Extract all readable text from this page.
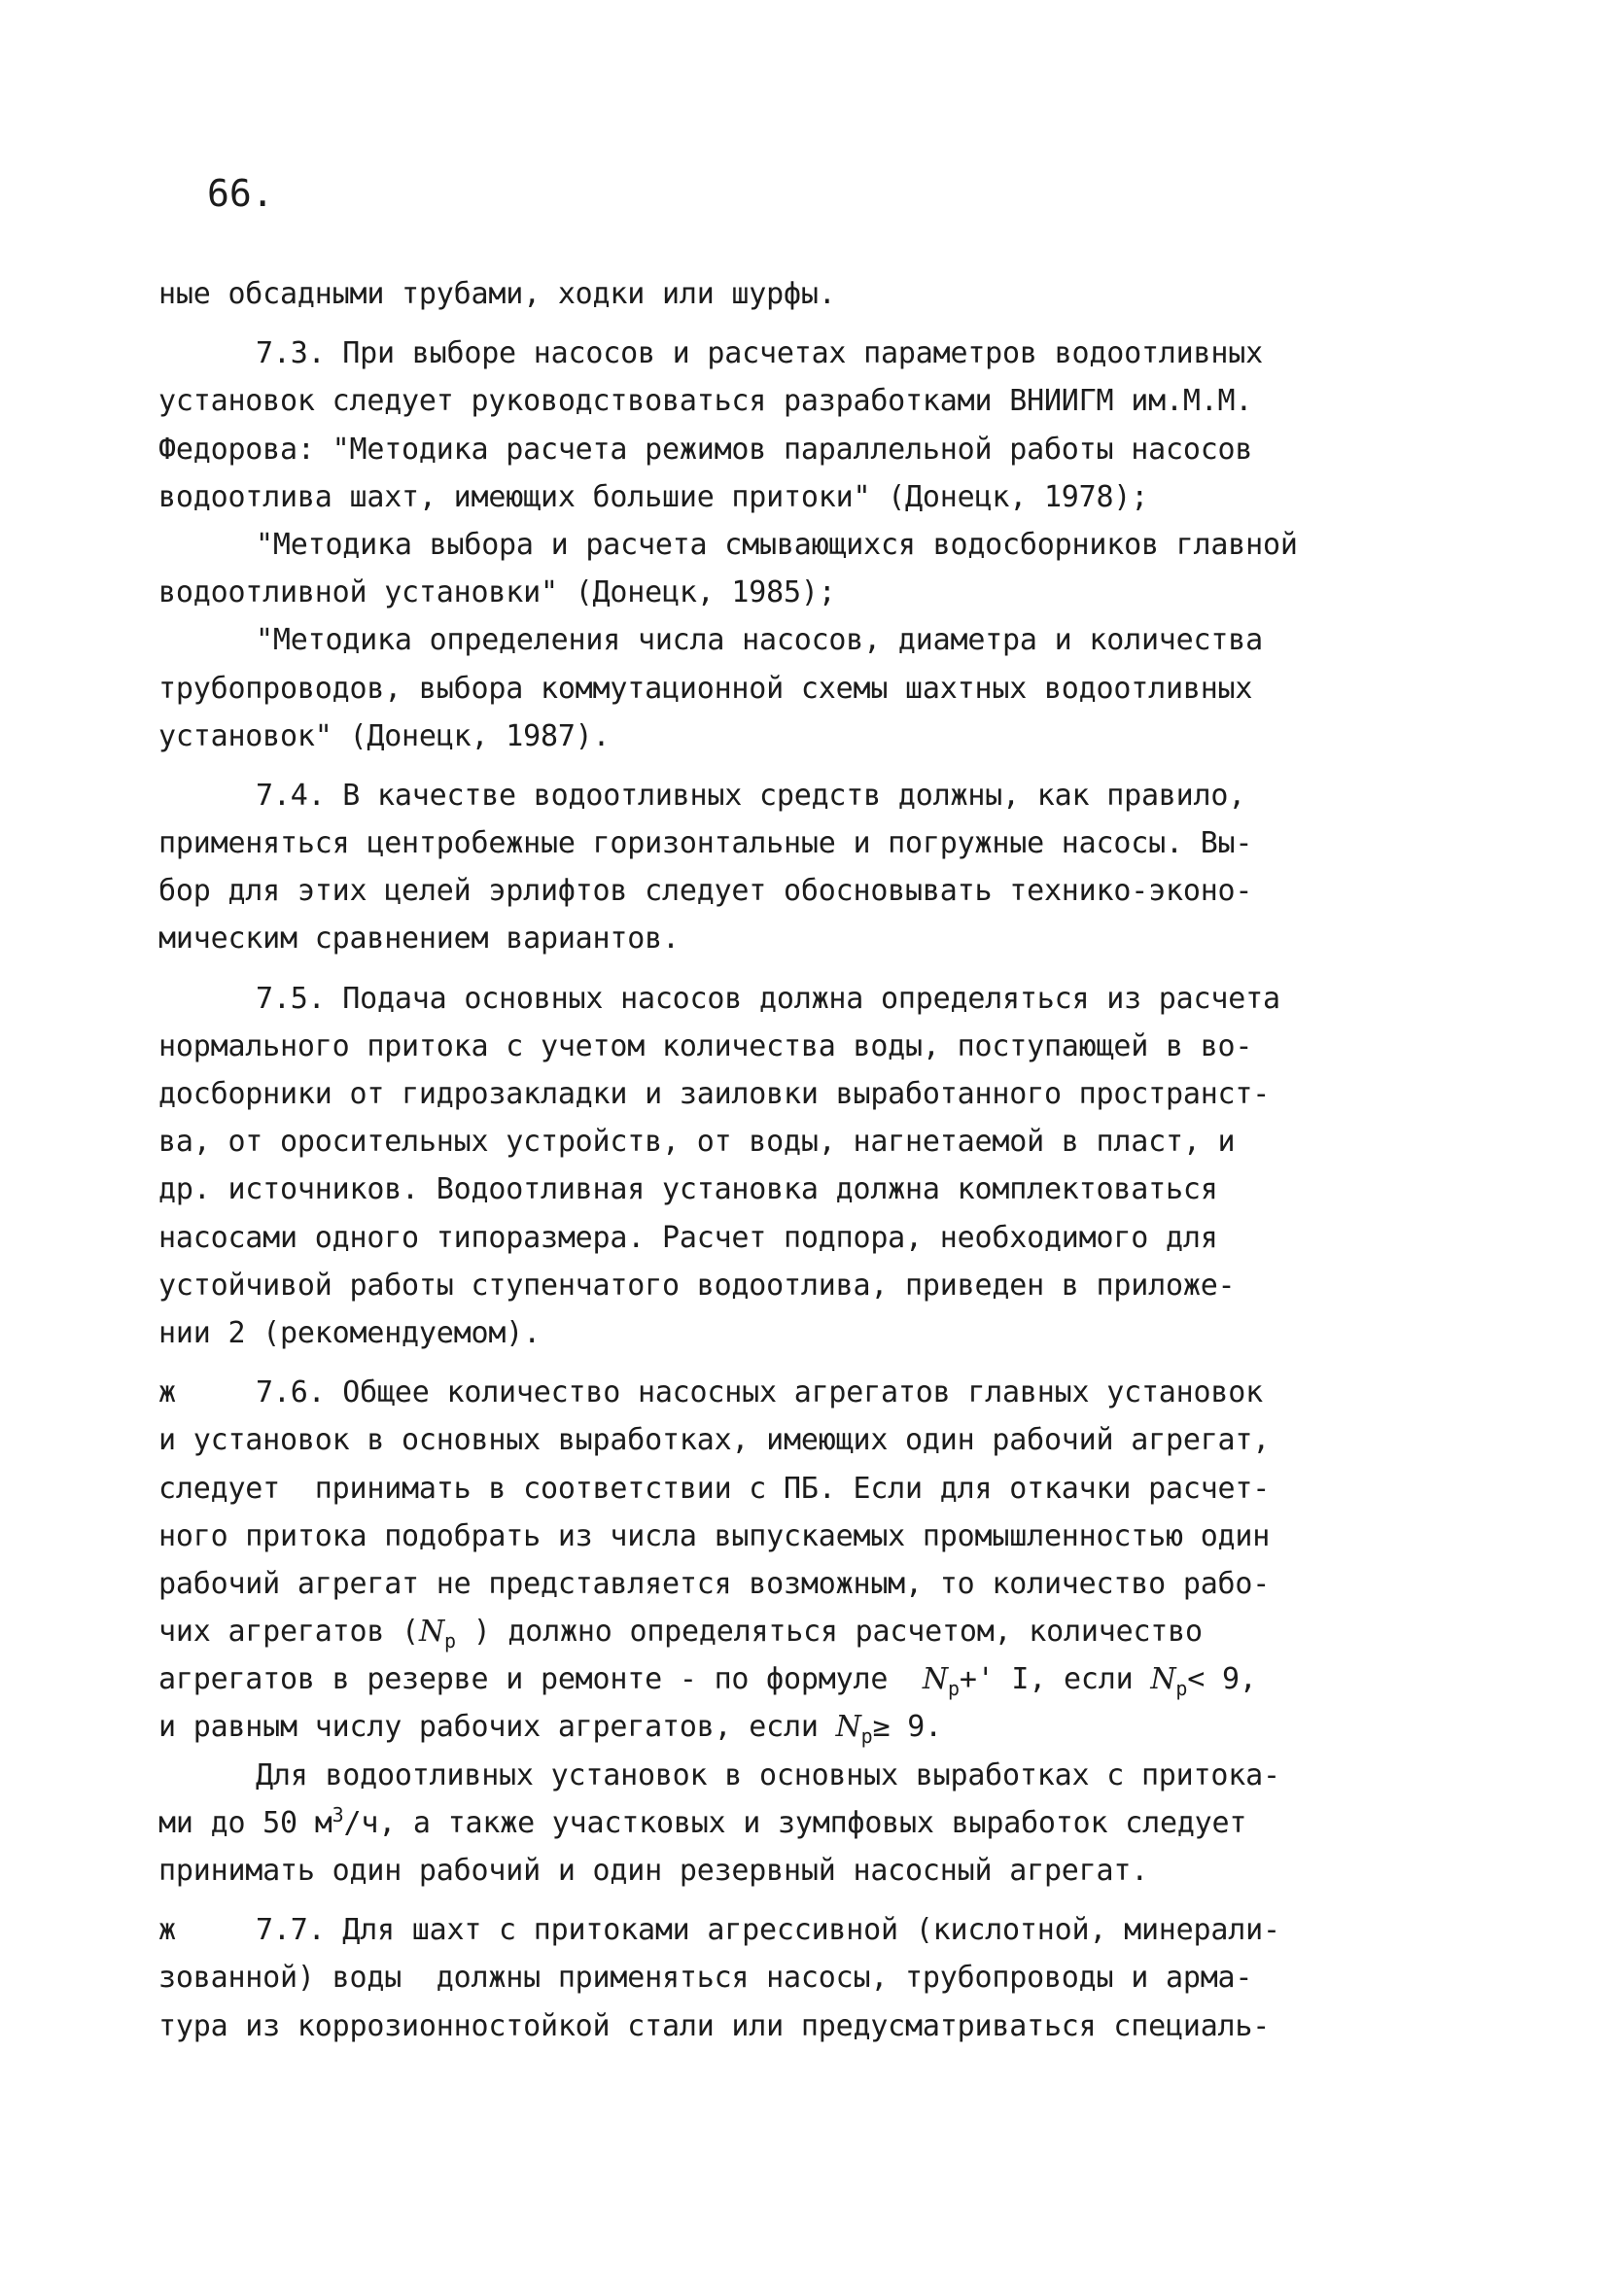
66.
ные обсадными трубами, ходки или шурфы.
7.3. При выборе насосов и расчетах параметров водоотливных
установок следует руководствоваться разработками ВНИИГМ им.М.М.
Федорова: "Методика расчета режимов параллельной работы насосов
водоотлива шахт, имеющих большие притоки" (Донецк, 1978);
"Методика выбора и расчета смывающихся водосборников главной
водоотливной установки" (Донецк, 1985);
"Методика определения числа насосов, диаметра и количества
трубопроводов, выбора коммутационной схемы шахтных водоотливных
установок" (Донецк, 1987).
7.4. В качестве водоотливных средств должны, как правило,
применяться центробежные горизонтальные и погружные насосы. Вы-
бор для этих целей эрлифтов следует обосновывать технико-эконо-
мическим сравнением вариантов.
7.5. Подача основных насосов должна определяться из расчета
нормального притока с учетом количества воды, поступающей в во-
досборники от гидрозакладки и заиловки выработанного пространст-
ва, от оросительных устройств, от воды, нагнетаемой в пласт, и
др. источников. Водоотливная установка должна комплектоваться
насосами одного типоразмера. Расчет подпора, необходимого для
устойчивой работы ступенчатого водоотлива, приведен в приложе-
нии 2 (рекомендуемом).
ж	7.6. Общее количество насосных агрегатов главных установок
и установок в основных выработках, имеющих один рабочий агрегат,
следует  принимать в соответствии с ПБ. Если для откачки расчет-
ного притока подобрать из числа выпускаемых промышленностью один
рабочий агрегат не представляется возможным, то количество рабо-
чих агрегатов ($N_р$ ) должно определяться расчетом, количество
агрегатов в резерве и ремонте - по формуле  $N_р+'$ I, если $N_р< 9$,
и равным числу рабочих агрегатов, если $N_р\ge 9$.
Для водоотливных установок в основных выработках с притока-
ми до 50 $м^3/ч$, а также участковых и зумпфовых выработок следует
принимать один рабочий и один резервный насосный агрегат.
ж	7.7. Для шахт с притоками агрессивной (кислотной, минерали-
зованной) воды  должны применяться насосы, трубопроводы и арма-
тура из коррозионностойкой стали или предусматриваться специаль-
